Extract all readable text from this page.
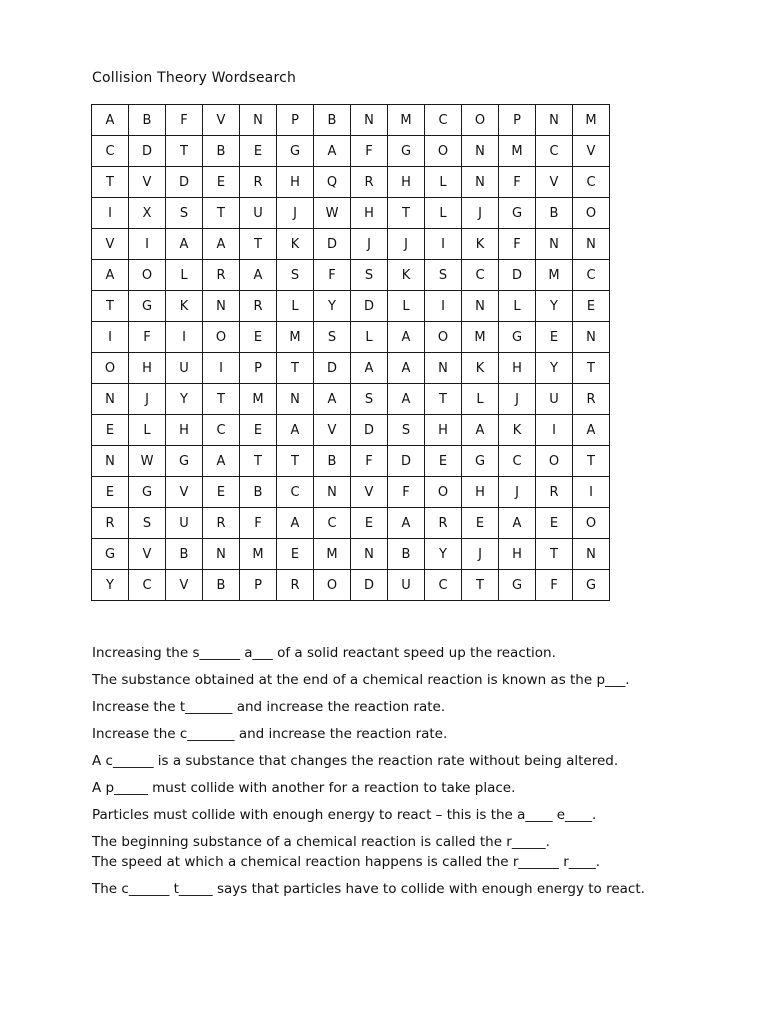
Collision Theory Wordsearch
A	B	F	V	N	P	B	N	M	C	O	P	N	M
C	D	T	B	E	G	A	F	G	O	N	M	C	V
T	V	D	E	R	H	Q	R	H	L	N	F	V	C
I	X	S	T	U	J	W	H	T	L	J	G	B	O
V	I	A	A	T	K	D	J	J	I	K	F	N	N
A	O	L	R	A	S	F	S	K	S	C	D	M	C
T	G	K	N	R	L	Y	D	L	I	N	L	Y	E
I	F	I	O	E	M	S	L	A	O	M	G	E	N
O	H	U	I	P	T	D	A	A	N	K	H	Y	T
N	J	Y	T	M	N	A	S	A	T	L	J	U	R
E	L	H	C	E	A	V	D	S	H	A	K	I	A
N	W	G	A	T	T	B	F	D	E	G	C	O	T
E	G	V	E	B	C	N	V	F	O	H	J	R	I
R	S	U	R	F	A	C	E	A	R	E	A	E	O
G	V	B	N	M	E	M	N	B	Y	J	H	T	N
Y	C	V	B	P	R	O	D	U	C	T	G	F	G

Increasing the s______ a___ of a solid reactant speed up the reaction.

The substance obtained at the end of a chemical reaction is known as the p___.

Increase the t_______ and increase the reaction rate.

Increase the c_______ and increase the reaction rate.

A c______ is a substance that changes the reaction rate without being altered.

A p_____ must collide with another for a reaction to take place.

Particles must collide with enough energy to react – this is the a____ e____.

The beginning substance of a chemical reaction is called the r_____.

The speed at which a chemical reaction happens is called the r______ r____.

The c______ t_____ says that particles have to collide with enough energy to react.
